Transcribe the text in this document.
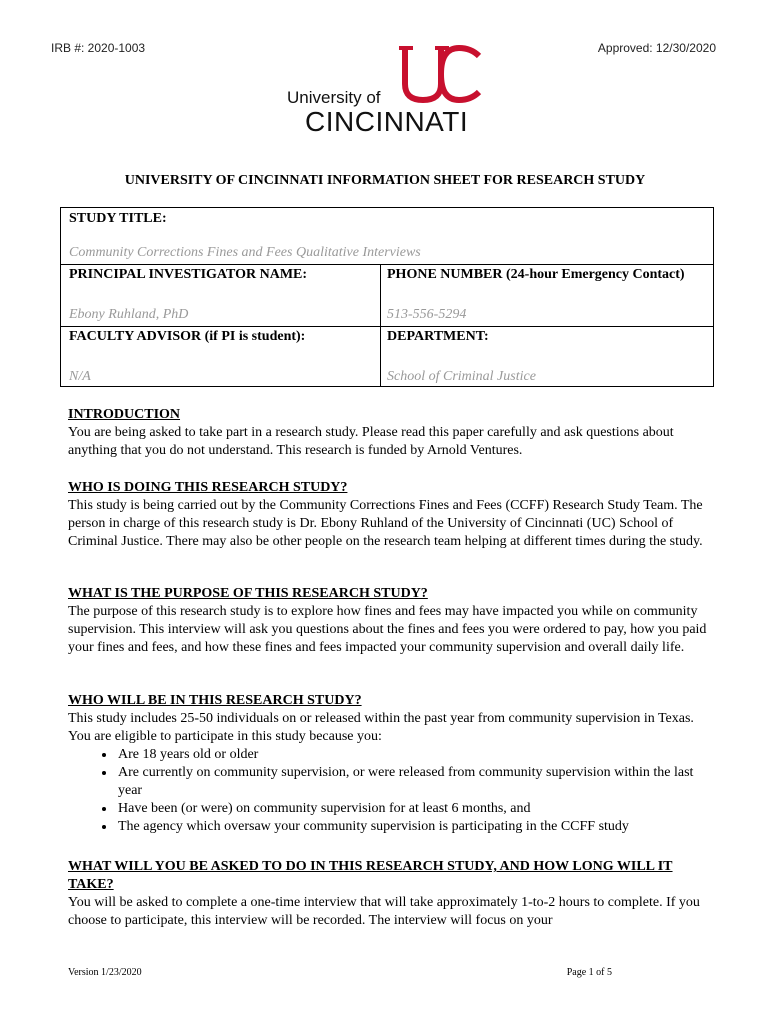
IRB #: 2020-1003	Approved: 12/30/2020
University of
CINCINNATI
UNIVERSITY OF CINCINNATI INFORMATION SHEET FOR RESEARCH STUDY
STUDY TITLE:
Community Corrections Fines and Fees Qualitative Interviews
PRINCIPAL INVESTIGATOR NAME:
Ebony Ruhland, PhD
PHONE NUMBER (24-hour Emergency Contact)
513-556-5294
FACULTY ADVISOR (if PI is student):
N/A
DEPARTMENT:
School of Criminal Justice
INTRODUCTION

You are being asked to take part in a research study. Please read this paper carefully and ask questions about anything that you do not understand. This research is funded by Arnold Ventures.

WHO IS DOING THIS RESEARCH STUDY?

This study is being carried out by the Community Corrections Fines and Fees (CCFF) Research Study Team. The person in charge of this research study is Dr. Ebony Ruhland of the University of Cincinnati (UC) School of Criminal Justice. There may also be other people on the research team helping at different times during the study.

WHAT IS THE PURPOSE OF THIS RESEARCH STUDY?

The purpose of this research study is to explore how fines and fees may have impacted you while on community supervision. This interview will ask you questions about the fines and fees you were ordered to pay, how you paid your fines and fees, and how these fines and fees impacted your community supervision and overall daily life.

WHO WILL BE IN THIS RESEARCH STUDY?

This study includes 25-50 individuals on or released within the past year from community supervision in Texas. You are eligible to participate in this study because you:

• Are 18 years old or older
• Are currently on community supervision, or were released from community supervision within the last year
• Have been (or were) on community supervision for at least 6 months, and
• The agency which oversaw your community supervision is participating in the CCFF study
WHAT WILL YOU BE ASKED TO DO IN THIS RESEARCH STUDY, AND HOW LONG WILL IT TAKE?

You will be asked to complete a one-time interview that will take approximately 1-to-2 hours to complete. If you choose to participate, this interview will be recorded. The interview will focus on your

Version 1/23/2020	Page 1 of 5
